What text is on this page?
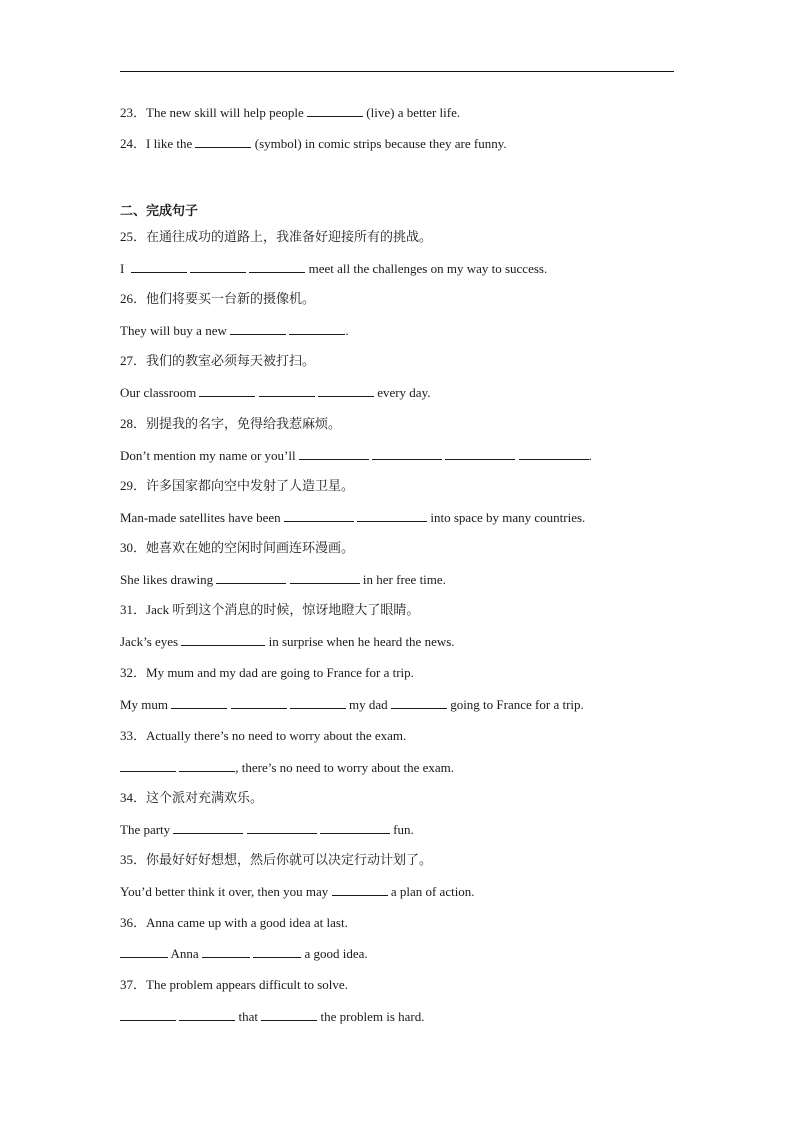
23．The new skill will help people	(live) a better life.
24．I like the	(symbol) in comic strips because they are funny.
二、完成句子
25．在通往成功的道路上，我准备好迎接所有的挑战。
I	meet all the challenges on my way to success.
26．他们将要买一台新的摄像机。
They will buy a new	.
27．我们的教室必须每天被打扫。
Our classroom	every day.
28．别提我的名字，免得给我惹麻烦。
Don’t mention my name or you’ll	.
29．许多国家都向空中发射了人造卫星。
Man-made satellites have been	into space by many countries.
30．她喜欢在她的空闲时间画连环漫画。
She likes drawing	in her free time.
31．Jack 听到这个消息的时候，惊讶地瞪大了眼睛。
Jack’s eyes	in surprise when he heard the news.
32．My mum and my dad are going to France for a trip.
My mum	my dad	going to France for a trip.
33．Actually there’s no need to worry about the exam.
, there’s no need to worry about the exam.
34．这个派对充满欢乐。
The party	fun.
35．你最好好好想想，然后你就可以决定行动计划了。
You’d better think it over, then you may	a plan of action.
36．Anna came up with a good idea at last.
Anna	a good idea.
37．The problem appears difficult to solve.
that	the problem is hard.
